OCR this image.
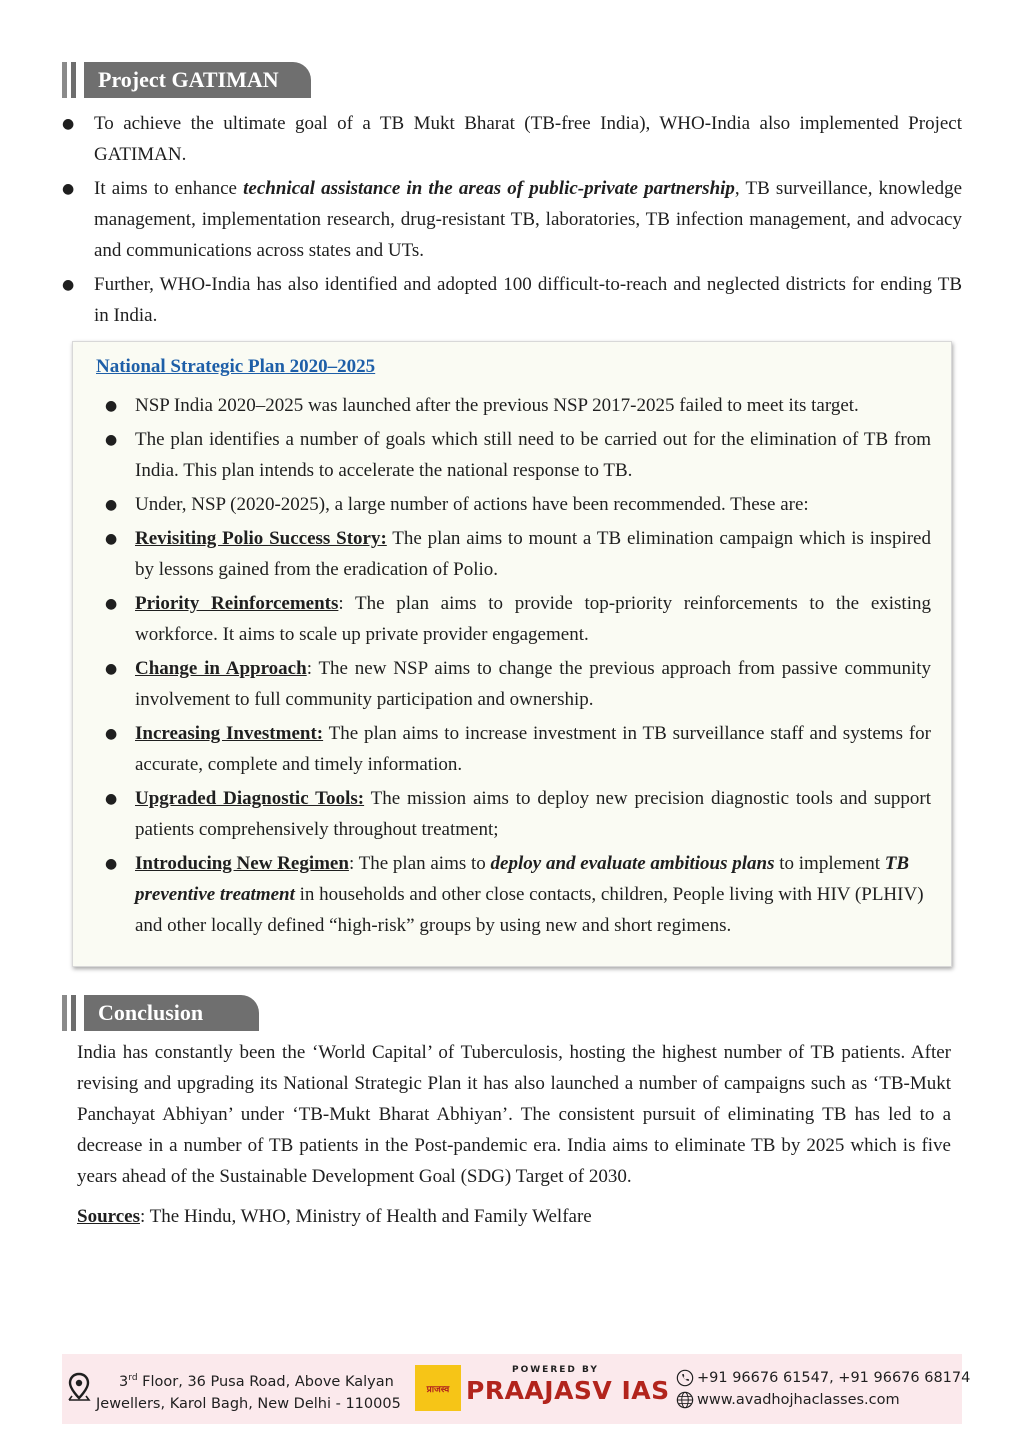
Project GATIMAN
● To achieve the ultimate goal of a TB Mukt Bharat (TB-free India), WHO-India also implemented Project GATIMAN.
● It aims to enhance technical assistance in the areas of public-private partnership, TB surveillance, knowledge management, implementation research, drug-resistant TB, laboratories, TB infection management, and advocacy and communications across states and UTs.
● Further, WHO-India has also identified and adopted 100 difficult-to-reach and neglected districts for ending TB in India.
National Strategic Plan 2020–2025
● NSP India 2020–2025 was launched after the previous NSP 2017-2025 failed to meet its target.
● The plan identifies a number of goals which still need to be carried out for the elimination of TB from India. This plan intends to accelerate the national response to TB.
● Under, NSP (2020-2025), a large number of actions have been recommended. These are:
● Revisiting Polio Success Story: The plan aims to mount a TB elimination campaign which is inspired by lessons gained from the eradication of Polio.
● Priority Reinforcements: The plan aims to provide top-priority reinforcements to the existing workforce. It aims to scale up private provider engagement.
● Change in Approach: The new NSP aims to change the previous approach from passive community involvement to full community participation and ownership.
● Increasing Investment: The plan aims to increase investment in TB surveillance staff and systems for accurate, complete and timely information.
● Upgraded Diagnostic Tools: The mission aims to deploy new precision diagnostic tools and support patients comprehensively throughout treatment;
● Introducing New Regimen: The plan aims to deploy and evaluate ambitious plans to implement TB preventive treatment in households and other close contacts, children, People living with HIV (PLHIV) and other locally defined “high-risk” groups by using new and short regimens.
Conclusion
India has constantly been the ‘World Capital’ of Tuberculosis, hosting the highest number of TB patients. After revising and upgrading its National Strategic Plan it has also launched a number of campaigns such as ‘TB-Mukt Panchayat Abhiyan’ under ‘TB-Mukt Bharat Abhiyan’. The consistent pursuit of eliminating TB has led to a decrease in a number of TB patients in the Post-pandemic era. India aims to eliminate TB by 2025 which is five years ahead of the Sustainable Development Goal (SDG) Target of 2030.
Sources: The Hindu, WHO, Ministry of Health and Family Welfare
3rd Floor, 36 Pusa Road, Above Kalyan
Jewellers, Karol Bagh, New Delhi - 110005
प्राजस्व
POWERED BY
PRAAJASV IAS +91 96676 61547, +91 96676 68174
www.avadhojhaclasses.com
